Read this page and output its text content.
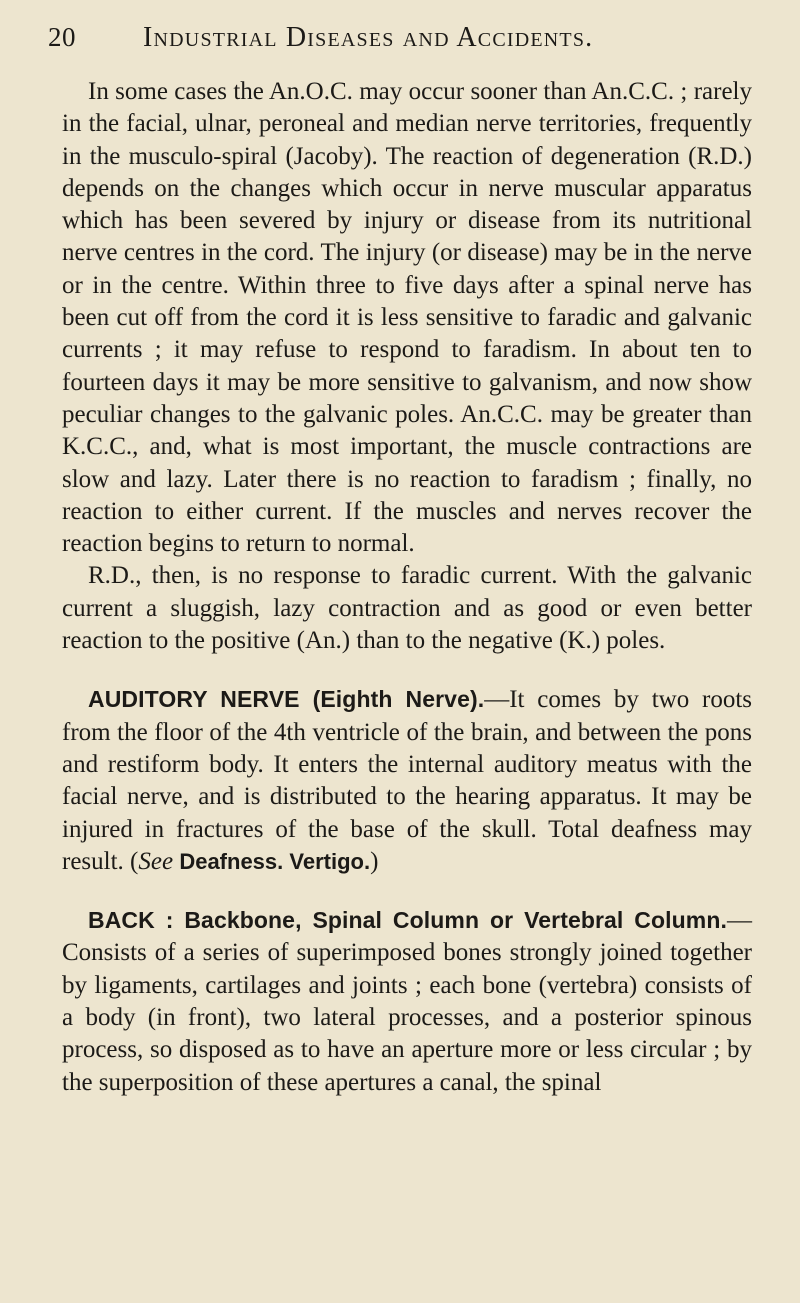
20	Industrial Diseases and Accidents.

In some cases the An.O.C. may occur sooner than An.C.C. ; rarely in the facial, ulnar, peroneal and median nerve territories, frequently in the musculo-spiral (Jacoby). The reaction of degeneration (R.D.) depends on the changes which occur in nerve muscular apparatus which has been severed by injury or disease from its nutritional nerve centres in the cord. The injury (or disease) may be in the nerve or in the centre. Within three to five days after a spinal nerve has been cut off from the cord it is less sensitive to faradic and galvanic currents ; it may refuse to respond to faradism. In about ten to fourteen days it may be more sensitive to galvanism, and now show peculiar changes to the galvanic poles. An.C.C. may be greater than K.C.C., and, what is most important, the muscle contractions are slow and lazy. Later there is no reaction to faradism ; finally, no reaction to either current. If the muscles and nerves recover the reaction begins to return to normal.

R.D., then, is no response to faradic current. With the galvanic current a sluggish, lazy contraction and as good or even better reaction to the positive (An.) than to the negative (K.) poles.

AUDITORY NERVE (Eighth Nerve).—It comes by two roots from the floor of the 4th ventricle of the brain, and between the pons and restiform body. It enters the internal auditory meatus with the facial nerve, and is distributed to the hearing apparatus. It may be injured in fractures of the base of the skull. Total deafness may result. (See Deafness. Vertigo.)

BACK : Backbone, Spinal Column or Vertebral Column.—Consists of a series of superimposed bones strongly joined together by ligaments, cartilages and joints ; each bone (vertebra) consists of a body (in front), two lateral processes, and a posterior spinous process, so disposed as to have an aperture more or less circular ; by the superposition of these apertures a canal, the spinal
